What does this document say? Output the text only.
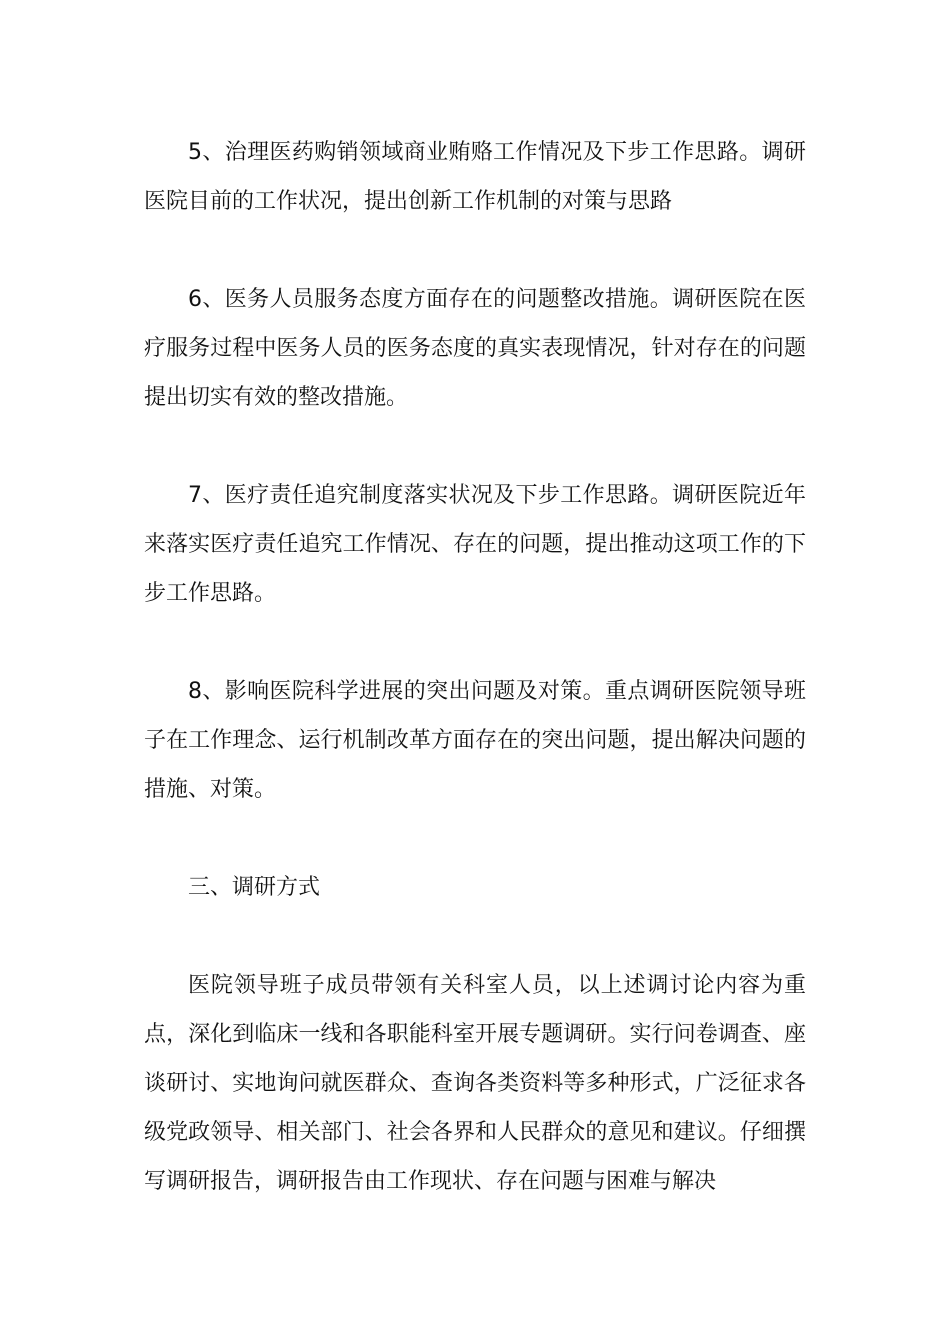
5、治理医药购销领域商业贿赂工作情况及下步工作思路。调研医院目前的工作状况，提出创新工作机制的对策与思路

6、医务人员服务态度方面存在的问题整改措施。调研医院在医疗服务过程中医务人员的医务态度的真实表现情况，针对存在的问题提出切实有效的整改措施。

7、医疗责任追究制度落实状况及下步工作思路。调研医院近年来落实医疗责任追究工作情况、存在的问题，提出推动这项工作的下步工作思路。

8、影响医院科学进展的突出问题及对策。重点调研医院领导班子在工作理念、运行机制改革方面存在的突出问题，提出解决问题的措施、对策。

三、调研方式

医院领导班子成员带领有关科室人员，以上述调讨论内容为重点，深化到临床一线和各职能科室开展专题调研。实行问卷调查、座谈研讨、实地询问就医群众、查询各类资料等多种形式，广泛征求各级党政领导、相关部门、社会各界和人民群众的意见和建议。仔细撰写调研报告，调研报告由工作现状、存在问题与困难与解决
